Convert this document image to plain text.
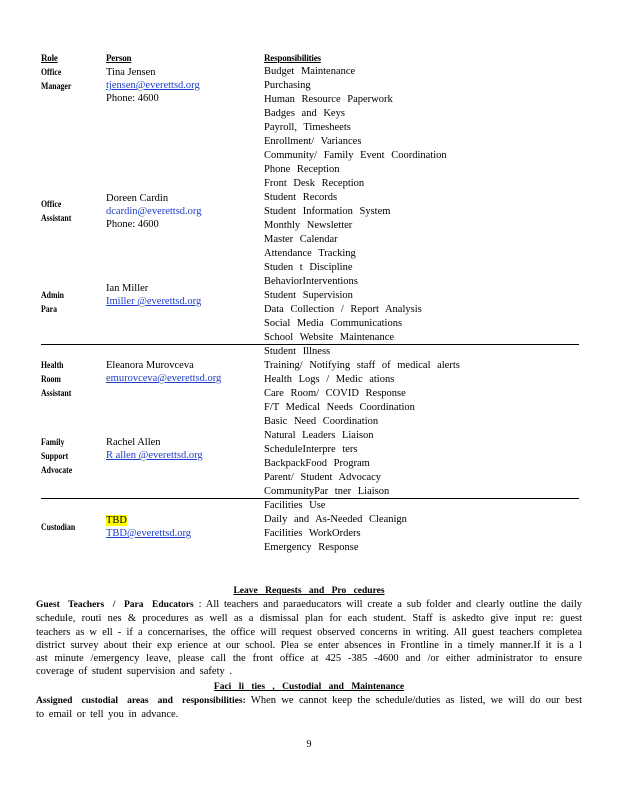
Role	Person	Responsibilities
Office
Manager
Tina Jensen
tjensen@everettsd.org
Phone: 4600
Budget Maintenance
Purchasing
Human Resource Paperwork
Badges and Keys
Payroll, Timesheets
Enrollment/ Variances
Community/ Family Event Coordination
Phone Reception
Front Desk Reception
Office
Assistant
Doreen Cardin
dcardin@everettsd.org
Phone: 4600
Student Records
Student Information System
Monthly Newsletter
Master Calendar
Attendance Tracking
Admin
Para
Ian Miller
Imiller @everettsd.org
Studen t Discipline
BehaviorInterventions
Student Supervision
Data Collection / Report Analysis
Social Media Communications
School Website Maintenance
Health
Room
Assistant
Eleanora Murovceva
emurovceva@everettsd.org
Student Illness
Training/ Notifying staff of medical alerts
Health Logs / Medic ations
Care Room/ COVID Response
F/T Medical Needs Coordination
Basic Need Coordination
Family
Support
Advocate
Rachel Allen
R allen @everettsd.org
Natural Leaders Liaison
ScheduleInterpre ters
BackpackFood Program
Parent/ Student Advocacy
CommunityPar tner Liaison
Custodian
TBD
TBD@everettsd.org
Facilities Use
Daily and As-Needed Cleanign
Facilities WorkOrders
Emergency Response
Leave Requests and Pro cedures
Guest Teachers / Para Educators : All teachers and paraeducators will create a sub folder and clearly outline the daily schedule, routi nes & procedures as well as a dismissal plan for each student. Staff is askedto give input re: guest teachers as w ell - if a concernarises, the office will request observed concerns in writing. All guest teachers completea district survey about their exp erience at our school. Plea se enter absences in Frontline in a timely manner.If it is a l ast minute /emergency leave, please call the front office at 425 -385 -4600 and /or either administrator to ensure coverage of student supervision and safety .
Faci li ties , Custodial and Maintenance
Assigned custodial areas and responsibilities: When we cannot keep the schedule/duties as listed, we will do our best to email or tell you in advance.
9
